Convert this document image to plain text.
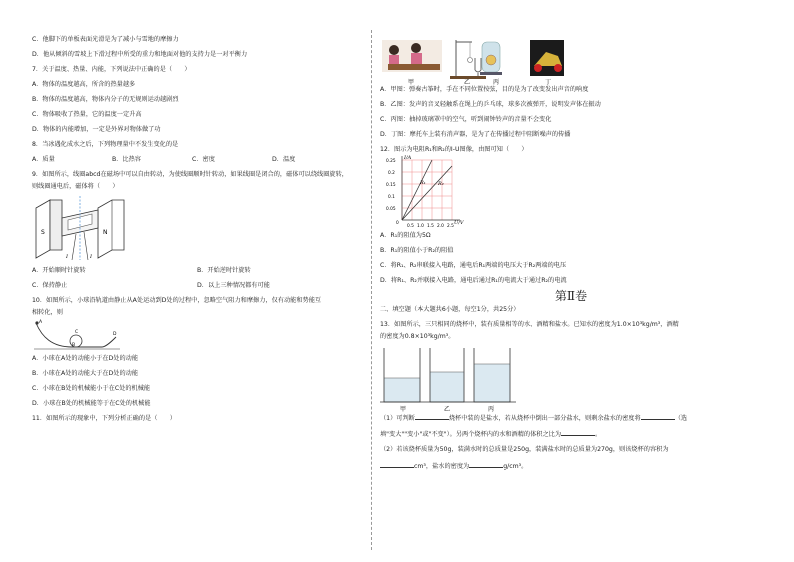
C．他脚下的单板表面光滑是为了减小与雪地的摩擦力
D．他从倾斜的雪坡上下滑过程中所受的重力和地面对他的支持力是一对平衡力
7．关于温度、热量、内能，下列说法中正确的是（　　）
A．物体的温度越高，所含的热量越多
B．物体的温度越高，物体内分子的无规则运动越剧烈
C．物体吸收了热量，它的温度一定升高
D．物体的内能增加，一定是外界对物体做了功
8．当冰遇化成水之后，下列物理量中不发生变化的是
A．质量	B．比热容	C．密度	D．温度
9．如图所示，线圈abcd在磁场中可以自由转动，为使线圈顺时针转动，如果线圈是闭合的，磁体可以绕线圈旋转，
则线圈通电后，磁体将（　　）
S	N
I	I
A．开始顺时针旋转	B．开始逆时针旋转
C．保持静止	D．以上三种情况都有可能
10．如图所示，小球沿轨道由静止从A处运动到D处的过程中，忽略空气阻力和摩擦力，仅有动能和势能互
相转化，则
A
C
B
D
A．小球在A处的动能小于在D处的动能
B．小球在A处的动能大于在D处的动能
C．小球在B处的机械能小于在C处的机械能
D．小球在B处的机械能等于在C处的机械能
11．如图所示的现象中，下列分析正确的是（　　）
甲	乙	丙	丁
A．甲图：弹奏古筝时，手在不同位置按弦，目的是为了改变发出声音的响度
B．乙图：发声的音叉轻触系在绳上的乒乓球，球多次被弹开，说明发声体在振动
C．丙图：抽掉玻璃罩中的空气，听到闹钟铃声的音量不会变化
D．丁图：摩托车上装有消声器，是为了在传播过程中阻断噪声的传播
12．图示为电阻R₁和R₂的I-U图像，由图可知（　　）
I/A
U/V
0.25
0.2
0.15
0.1
0.05
0
0.5 1.0 1.5 2.0 2.5
R₁ R₂
A．R₁的阻值为5Ω
B．R₁的阻值小于R₂的阻值
C．将R₁、R₂串联接入电路，通电后R₁两端的电压大于R₂两端的电压
D．将R₁、R₂并联接入电路，通电后通过R₁的电流大于通过R₂的电流
第Ⅱ卷
二、填空题（本大题共6小题，每空1分，共25分）
13．如图所示，三只相同的烧杯中，装有质量相等的水、酒精和盐水。已知水的密度为1.0×10³kg/m³，酒精
的密度为0.8×10³kg/m³。
甲	乙	丙
（1）可判断	烧杯中装的是盐水，若从烧杯中倒出一部分盐水，则剩余盐水的密度将	（选
填"变大""变小"或"不变"）。另两个烧杯内的水和酒精的体积之比为	。
（2）若该烧杯质量为50g，装满水时的总质量是250g，装满盐水时的总质量为270g，则该烧杯的容积为
cm³，盐水的密度为	g/cm³。
